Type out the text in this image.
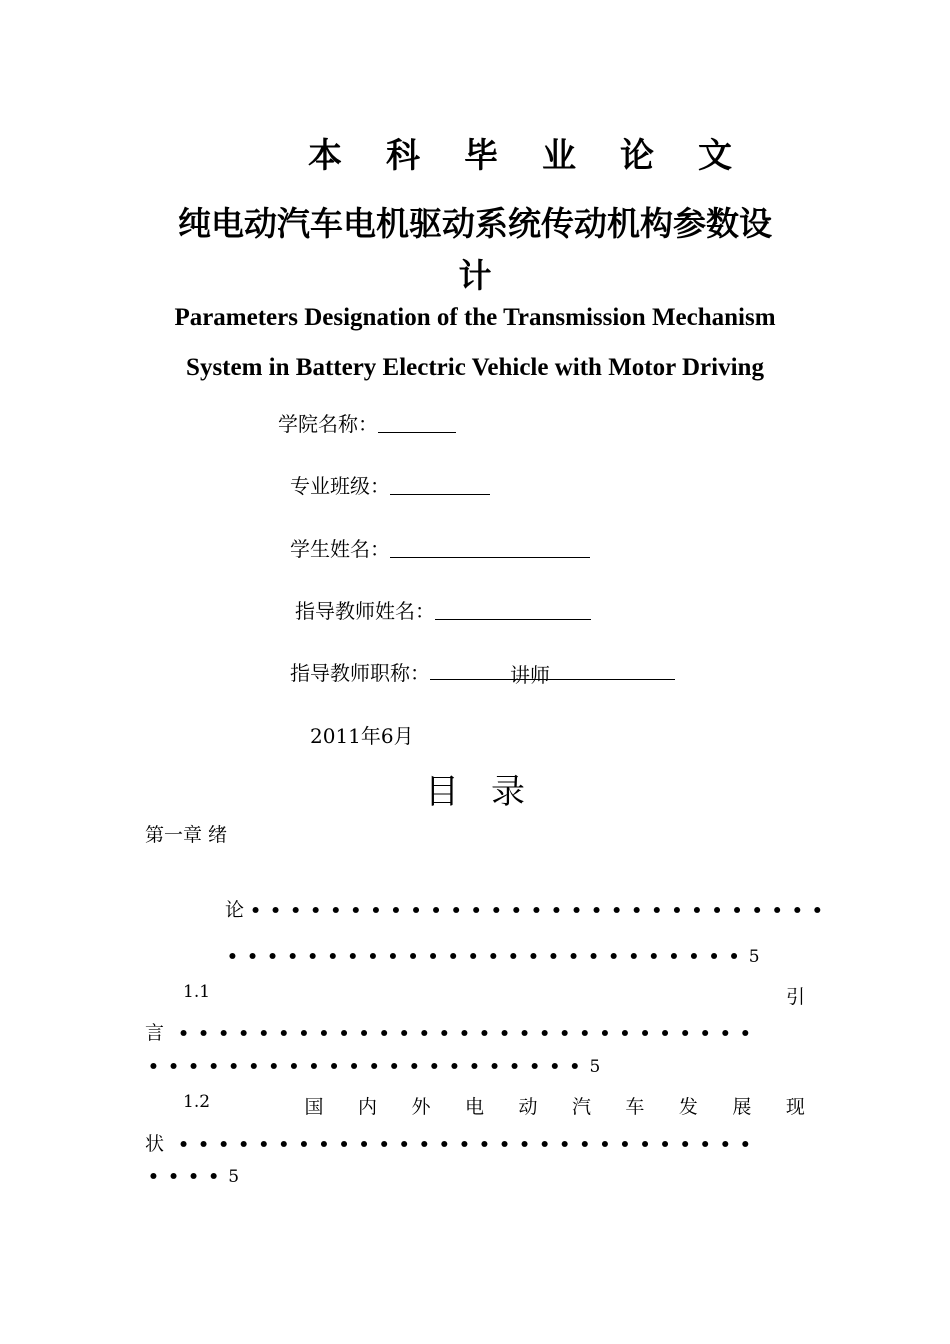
本 科 毕 业 论 文
纯电动汽车电机驱动系统传动机构参数设
计
Parameters Designation of the Transmission Mechanism
System in Battery Electric Vehicle with Motor Driving
学院名称：
专业班级：
学生姓名：
指导教师姓名：
指导教师职称：	讲师
2011年6月
目 录
第一章 绪
论 •••••••••••••••••••••••••••••
••••••••••••••••••••••••••5
1.1	引
言 •••••••••••••••••••••••••••••
••••••••••••••••••••••5
1.2	国 内 外 电 动 汽 车 发 展 现
状 •••••••••••••••••••••••••••••
••••5
